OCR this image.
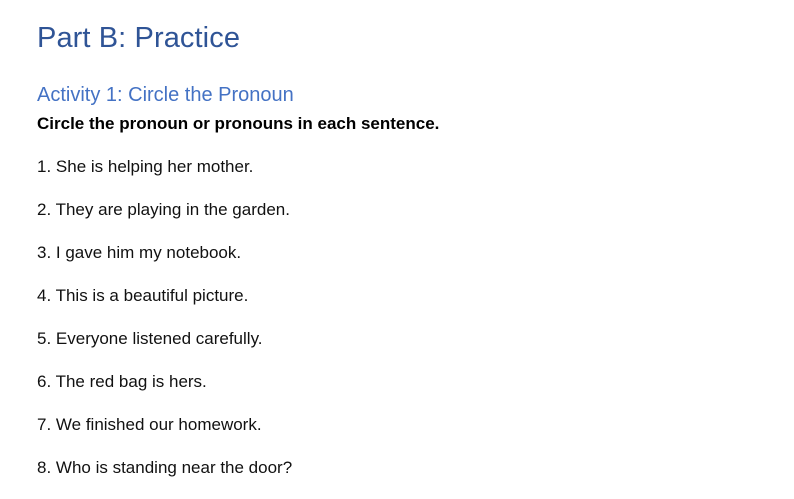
Part B: Practice
Activity 1: Circle the Pronoun

Circle the pronoun or pronouns in each sentence.

1. She is helping her mother.
2. They are playing in the garden.
3. I gave him my notebook.
4. This is a beautiful picture.
5. Everyone listened carefully.
6. The red bag is hers.
7. We finished our homework.
8. Who is standing near the door?
